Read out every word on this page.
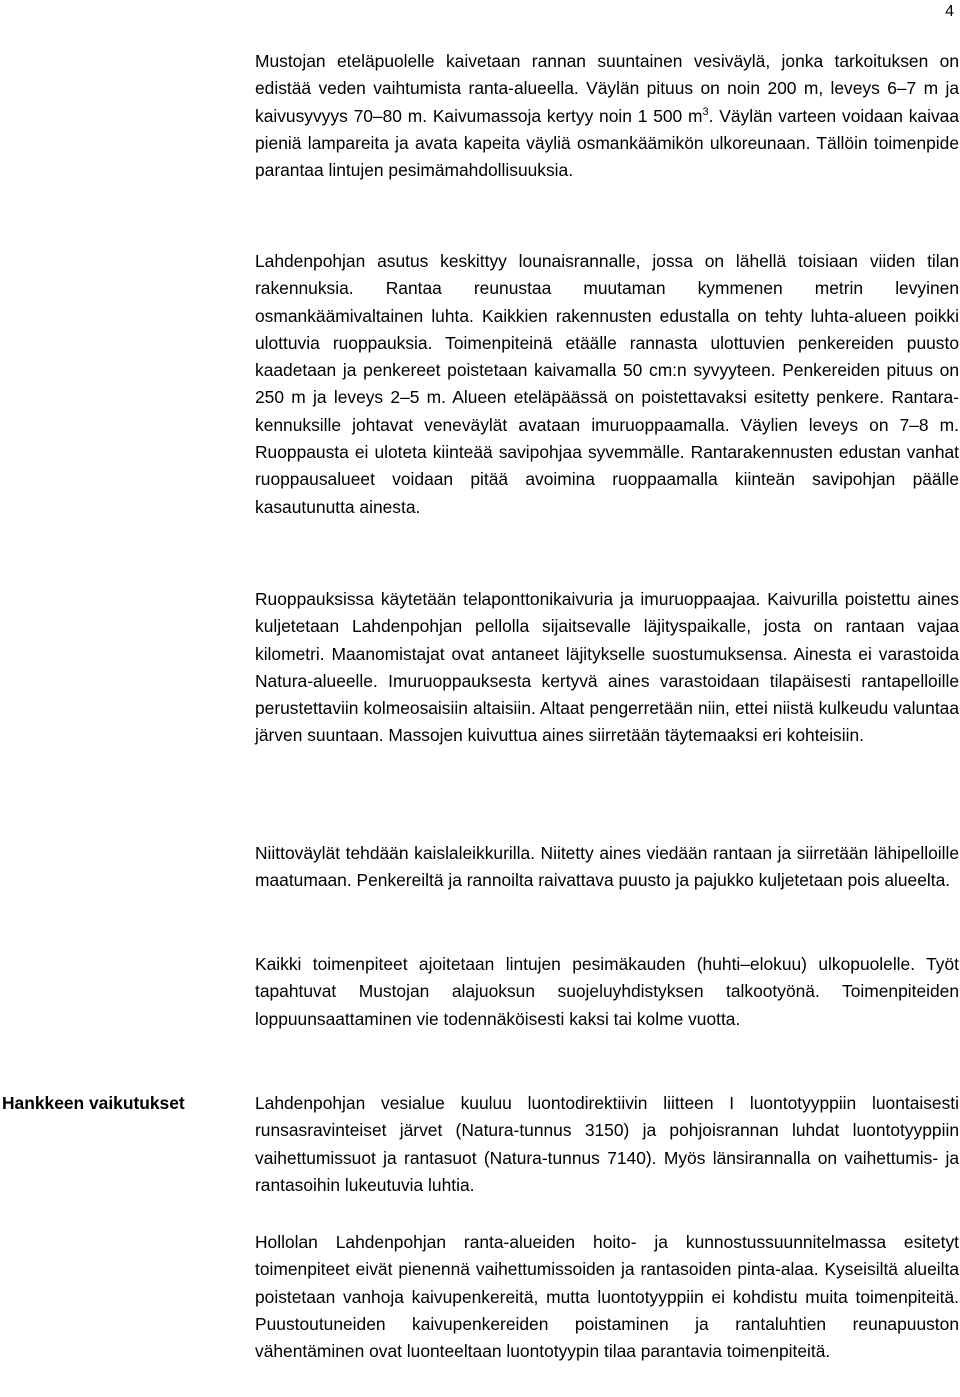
4

Mustojan eteläpuolelle kaivetaan rannan suuntainen vesiväylä, jonka tarkoituksen on edistää veden vaihtumista ranta-alueella. Väylän pituus on noin 200 m, leveys 6–7 m ja kaivusyvyys 70–80 m. Kaivumassoja kertyy noin 1 500 $m^3$. Väylän varteen voidaan kaivaa pieniä lampareita ja avata kapeita väyliä osmankäämikön ulkoreunaan. Tällöin toimenpide parantaa lintujen pesimämahdollisuuksia.

Lahdenpohjan asutus keskittyy lounaisrannalle, jossa on lähellä toisiaan viiden tilan rakennuksia. Rantaa reunustaa muutaman kymmenen metrin levyinen osmankäämivaltainen luhta. Kaikkien rakennusten edustalla on tehty luhta-alueen poikki ulottuvia ruoppauksia. Toimenpiteinä etäälle rannasta ulottuvien penkereiden puusto kaadetaan ja penkereet poistetaan kaivamalla 50 cm:n syvyyteen. Penkereiden pituus on 250 m ja leveys 2–5 m. Alueen eteläpäässä on poistettavaksi esitetty penkere. Rantarakennuksille johtavat veneväylät avataan imuruoppaamalla. Väylien leveys on 7–8 m. Ruoppausta ei uloteta kiinteää savipohjaa syvemmälle. Rantarakennusten edustan vanhat ruoppausalueet voidaan pitää avoimina ruoppaamalla kiinteän savipohjan päälle kasautunutta ainesta.

Ruoppauksissa käytetään telaponttonikaivuria ja imuruoppaajaa. Kaivurilla poistettu aines kuljetetaan Lahdenpohjan pellolla sijaitsevalle läjityspaikalle, josta on rantaan vajaa kilometri. Maanomistajat ovat antaneet läjitykselle suostumuksensa. Ainesta ei varastoida Natura-alueelle. Imuruoppauksesta kertyvä aines varastoidaan tilapäisesti rantapelloille perustettaviin kolmeosaisiin altaisiin. Altaat pengerretään niin, ettei niistä kulkeudu valuntaa järven suuntaan. Massojen kuivuttua aines siirretään täytemaaksi eri kohteisiin.

Niittoväylät tehdään kaislaleikkurilla. Niitetty aines viedään rantaan ja siirretään lähipelloille maatumaan. Penkereiltä ja rannoilta raivattava puusto ja pajukko kuljetetaan pois alueelta.

Kaikki toimenpiteet ajoitetaan lintujen pesimäkauden (huhti–elokuu) ulkopuolelle. Työt tapahtuvat Mustojan alajuoksun suojeluyhdistyksen talkootyönä. Toimenpiteiden loppuunsaattaminen vie todennäköisesti kaksi tai kolme vuotta.

Hankkeen vaikutukset	Lahdenpohjan vesialue kuuluu luontodirektiivin liitteen I luontotyyppiin luontaisesti runsasravinteiset järvet (Natura-tunnus 3150) ja pohjoisrannan luhdat luontotyyppiin vaihettumissuot ja rantasuot (Natura-tunnus 7140). Myös länsirannalla on vaihettumis- ja rantasoihin lukeutuvia luhtia.

Hollolan Lahdenpohjan ranta-alueiden hoito- ja kunnostussuunnitelmassa esitetyt toimenpiteet eivät pienennä vaihettumissoiden ja rantasoiden pinta-alaa. Kyseisiltä alueilta poistetaan vanhoja kaivupenkereitä, mutta luontotyyppiin ei kohdistu muita toimenpiteitä. Puustoutuneiden kaivupenkereiden poistaminen ja rantaluhtien reunapuuston vähentäminen ovat luonteeltaan luontotyypin tilaa parantavia toimenpiteitä.
